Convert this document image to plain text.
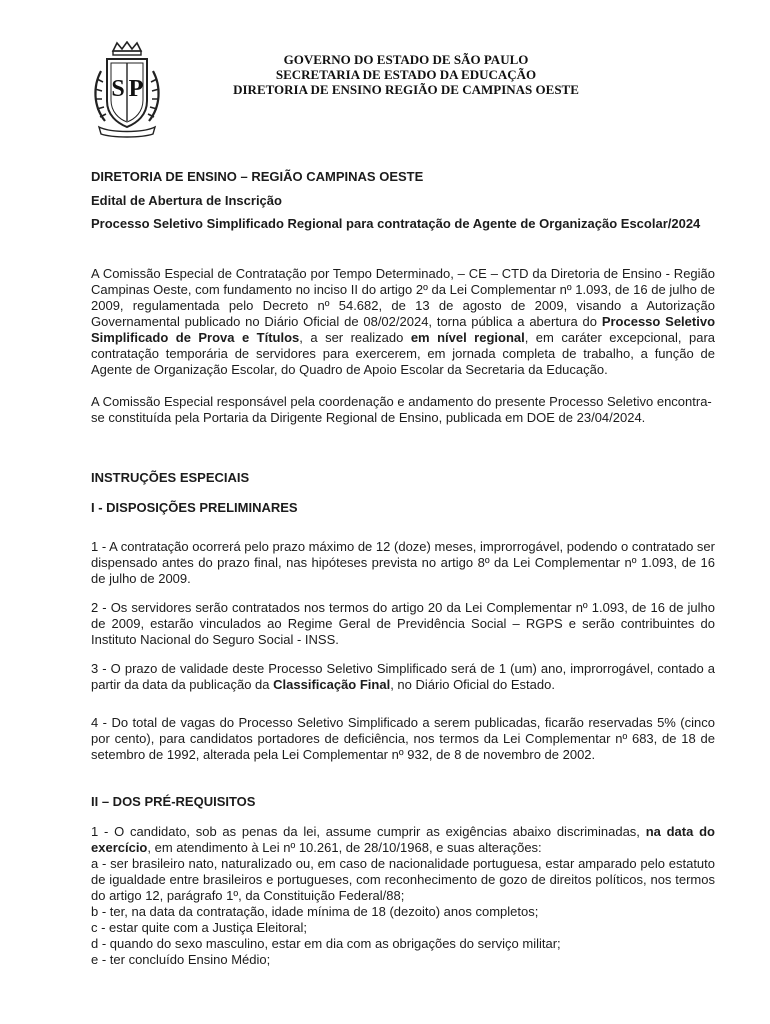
S P
GOVERNO DO ESTADO DE SÃO PAULO
SECRETARIA DE ESTADO DA EDUCAÇÃO
DIRETORIA DE ENSINO REGIÃO DE CAMPINAS OESTE
DIRETORIA DE ENSINO – REGIÃO CAMPINAS OESTE
Edital de Abertura de Inscrição
Processo Seletivo Simplificado Regional para contratação de Agente de Organização Escolar/2024
A Comissão Especial de Contratação por Tempo Determinado, – CE – CTD da Diretoria de Ensino - Região Campinas Oeste, com fundamento no inciso II do artigo 2º da Lei Complementar nº 1.093, de 16 de julho de 2009, regulamentada pelo Decreto nº 54.682, de 13 de agosto de 2009, visando a Autorização Governamental publicado no Diário Oficial de 08/02/2024, torna pública a abertura do Processo Seletivo Simplificado de Prova e Títulos, a ser realizado em nível regional, em caráter excepcional, para contratação temporária de servidores para exercerem, em jornada completa de trabalho, a função de Agente de Organização Escolar, do Quadro de Apoio Escolar da Secretaria da Educação.
A Comissão Especial responsável pela coordenação e andamento do presente Processo Seletivo encontra-se constituída pela Portaria da Dirigente Regional de Ensino, publicada em DOE de 23/04/2024.
INSTRUÇÕES ESPECIAIS
I - DISPOSIÇÕES PRELIMINARES
1 - A contratação ocorrerá pelo prazo máximo de 12 (doze) meses, improrrogável, podendo o contratado ser dispensado antes do prazo final, nas hipóteses prevista no artigo 8º da Lei Complementar nº 1.093, de 16 de julho de 2009.
2 - Os servidores serão contratados nos termos do artigo 20 da Lei Complementar nº 1.093, de 16 de julho de 2009, estarão vinculados ao Regime Geral de Previdência Social – RGPS e serão contribuintes do Instituto Nacional do Seguro Social - INSS.
3 - O prazo de validade deste Processo Seletivo Simplificado será de 1 (um) ano, improrrogável, contado a partir da data da publicação da Classificação Final, no Diário Oficial do Estado.
4 - Do total de vagas do Processo Seletivo Simplificado a serem publicadas, ficarão reservadas 5% (cinco por cento), para candidatos portadores de deficiência, nos termos da Lei Complementar nº 683, de 18 de setembro de 1992, alterada pela Lei Complementar nº 932, de 8 de novembro de 2002.
II – DOS PRÉ-REQUISITOS
1 - O candidato, sob as penas da lei, assume cumprir as exigências abaixo discriminadas, na data do exercício, em atendimento à Lei nº 10.261, de 28/10/1968, e suas alterações:
a - ser brasileiro nato, naturalizado ou, em caso de nacionalidade portuguesa, estar amparado pelo estatuto de igualdade entre brasileiros e portugueses, com reconhecimento de gozo de direitos políticos, nos termos do artigo 12, parágrafo 1º, da Constituição Federal/88;
b - ter, na data da contratação, idade mínima de 18 (dezoito) anos completos;
c - estar quite com a Justiça Eleitoral;
d - quando do sexo masculino, estar em dia com as obrigações do serviço militar;
e - ter concluído Ensino Médio;
